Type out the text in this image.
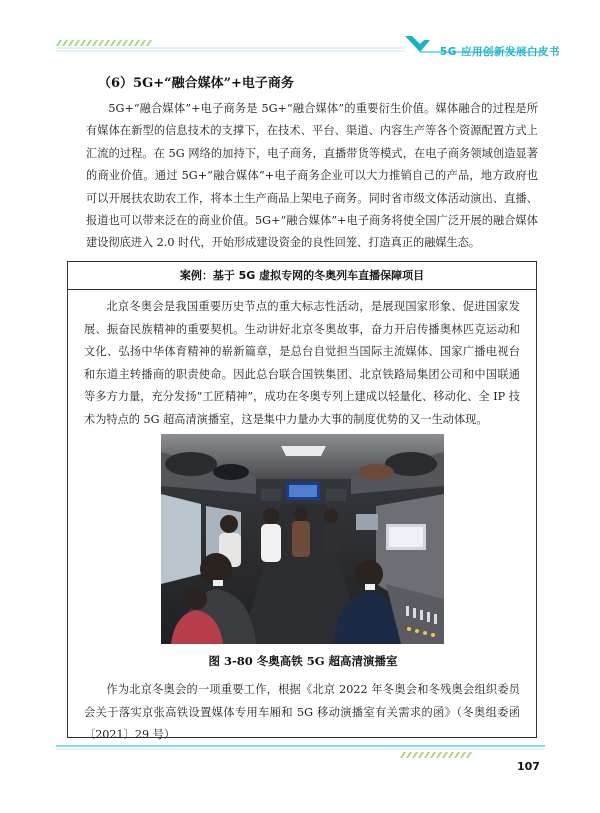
5G 应用创新发展白皮书
（6）5G+“融合媒体”+电子商务

5G+“融合媒体”+电子商务是 5G+“融合媒体”的重要衍生价值。媒体融合的过程是所有媒体在新型的信息技术的支撑下，在技术、平台、渠道、内容生产等各个资源配置方式上汇流的过程。在 5G 网络的加持下，电子商务，直播带货等模式，在电子商务领域创造显著的商业价值。通过 5G+“融合媒体”+电子商务企业可以大力推销自己的产品，地方政府也可以开展扶农助农工作，将本土生产商品上架电子商务。同时省市级文体活动演出、直播、报道也可以带来泛在的商业价值。5G+“融合媒体”+电子商务将使全国广泛开展的融合媒体建设彻底进入 2.0 时代，开始形成建设资金的良性回笼、打造真正的融媒生态。

案例：基于 5G 虚拟专网的冬奥列车直播保障项目

北京冬奥会是我国重要历史节点的重大标志性活动，是展现国家形象、促进国家发展、振奋民族精神的重要契机。生动讲好北京冬奥故事，奋力开启传播奥林匹克运动和文化、弘扬中华体育精神的崭新篇章，是总台自觉担当国际主流媒体、国家广播电视台和东道主转播商的职责使命。因此总台联合国铁集团、北京铁路局集团公司和中国联通等多方力量，充分发扬“工匠精神”，成功在冬奥专列上建成以轻量化、移动化、全 IP 技术为特点的 5G 超高清演播室，这是集中力量办大事的制度优势的又一生动体现。

图 3-80 冬奥高铁 5G 超高清演播室

作为北京冬奥会的一项重要工作，根据《北京 2022 年冬奥会和冬残奥会组织委员会关于落实京张高铁设置媒体专用车厢和 5G 移动演播室有关需求的函》（冬奥组委函〔2021〕29 号）

107
